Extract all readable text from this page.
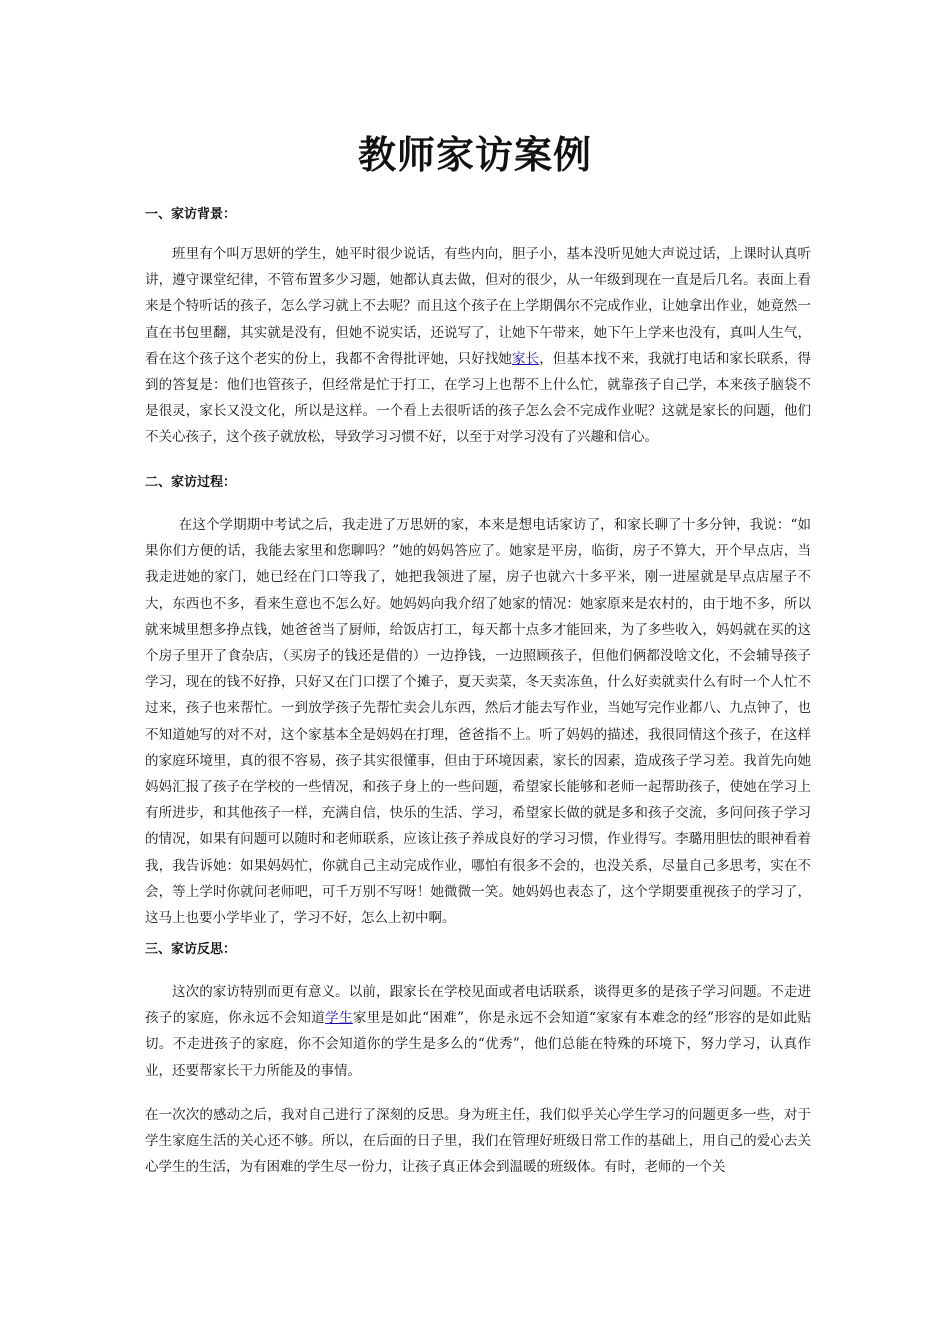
教师家访案例
一、家访背景：

班里有个叫万思妍的学生，她平时很少说话，有些内向，胆子小，基本没听见她大声说过话，上课时认真听讲，遵守课堂纪律，不管布置多少习题，她都认真去做，但对的很少，从一年级到现在一直是后几名。表面上看来是个特听话的孩子，怎么学习就上不去呢？而且这个孩子在上学期偶尔不完成作业，让她拿出作业，她竟然一直在书包里翻，其实就是没有，但她不说实话，还说写了，让她下午带来，她下午上学来也没有，真叫人生气，看在这个孩子这个老实的份上，我都不舍得批评她，只好找她家长，但基本找不来，我就打电话和家长联系，得到的答复是：他们也管孩子，但经常是忙于打工，在学习上也帮不上什么忙，就靠孩子自己学，本来孩子脑袋不是很灵，家长又没文化，所以是这样。一个看上去很听话的孩子怎么会不完成作业呢？这就是家长的问题，他们不关心孩子，这个孩子就放松，导致学习习惯不好，以至于对学习没有了兴趣和信心。

二、家访过程：

在这个学期期中考试之后，我走进了万思妍的家，本来是想电话家访了，和家长聊了十多分钟，我说：“如果你们方便的话，我能去家里和您聊吗？”她的妈妈答应了。她家是平房，临街，房子不算大，开个早点店，当我走进她的家门，她已经在门口等我了，她把我领进了屋，房子也就六十多平米，刚一进屋就是早点店屋子不大，东西也不多，看来生意也不怎么好。她妈妈向我介绍了她家的情况：她家原来是农村的，由于地不多，所以就来城里想多挣点钱，她爸爸当了厨师，给饭店打工，每天都十点多才能回来，为了多些收入，妈妈就在买的这个房子里开了食杂店，（买房子的钱还是借的）一边挣钱，一边照顾孩子，但他们俩都没啥文化，不会辅导孩子学习，现在的钱不好挣，只好又在门口摆了个摊子，夏天卖菜，冬天卖冻鱼，什么好卖就卖什么有时一个人忙不过来，孩子也来帮忙。一到放学孩子先帮忙卖会儿东西，然后才能去写作业，当她写完作业都八、九点钟了，也不知道她写的对不对，这个家基本全是妈妈在打理，爸爸指不上。听了妈妈的描述，我很同情这个孩子，在这样的家庭环境里，真的很不容易，孩子其实很懂事，但由于环境因素，家长的因素，造成孩子学习差。我首先向她妈妈汇报了孩子在学校的一些情况，和孩子身上的一些问题，希望家长能够和老师一起帮助孩子，使她在学习上有所进步，和其他孩子一样，充满自信，快乐的生活、学习，希望家长做的就是多和孩子交流，多问问孩子学习的情况，如果有问题可以随时和老师联系，应该让孩子养成良好的学习习惯，作业得写。李璐用胆怯的眼神看着我，我告诉她：如果妈妈忙，你就自己主动完成作业，哪怕有很多不会的，也没关系，尽量自己多思考，实在不会，等上学时你就问老师吧，可千万别不写呀！她微微一笑。她妈妈也表态了，这个学期要重视孩子的学习了，这马上也要小学毕业了，学习不好，怎么上初中啊。

三、家访反思：

这次的家访特别而更有意义。以前，跟家长在学校见面或者电话联系，谈得更多的是孩子学习问题。不走进孩子的家庭，你永远不会知道学生家里是如此“困难”，你是永远不会知道“家家有本难念的经”形容的是如此贴切。不走进孩子的家庭，你不会知道你的学生是多么的“优秀”，他们总能在特殊的环境下，努力学习，认真作业，还要帮家长干力所能及的事情。

在一次次的感动之后，我对自己进行了深刻的反思。身为班主任，我们似乎关心学生学习的问题更多一些，对于学生家庭生活的关心还不够。所以，在后面的日子里，我们在管理好班级日常工作的基础上，用自己的爱心去关心学生的生活，为有困难的学生尽一份力，让孩子真正体会到温暖的班级体。有时，老师的一个关
